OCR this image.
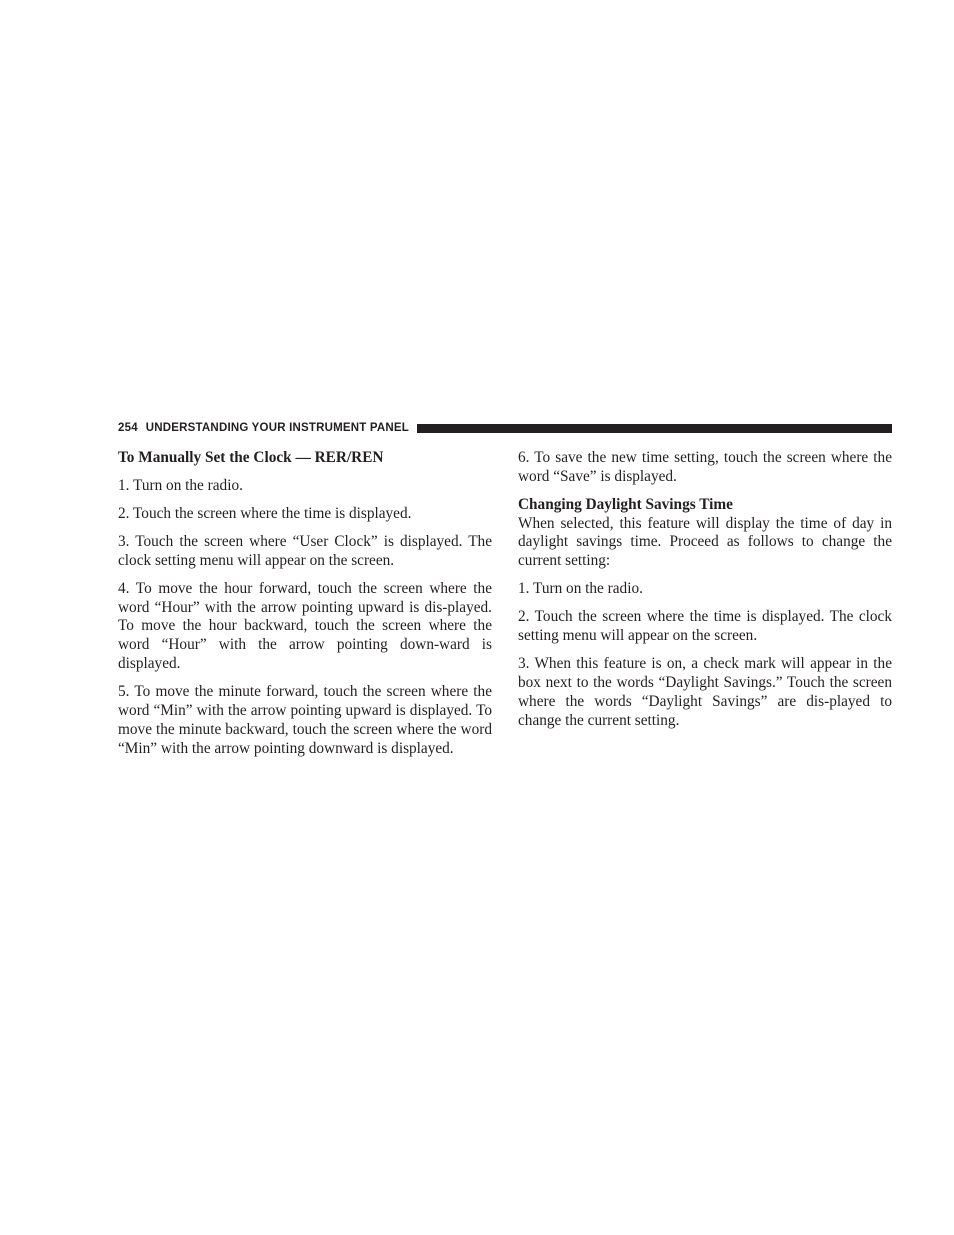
254 UNDERSTANDING YOUR INSTRUMENT PANEL

To Manually Set the Clock — RER/REN

1. Turn on the radio.

2. Touch the screen where the time is displayed.

3. Touch the screen where “User Clock” is displayed. The clock setting menu will appear on the screen.

4. To move the hour forward, touch the screen where the word “Hour” with the arrow pointing upward is dis-played. To move the hour backward, touch the screen where the word “Hour” with the arrow pointing down-ward is displayed.

5. To move the minute forward, touch the screen where the word “Min” with the arrow pointing upward is displayed. To move the minute backward, touch the screen where the word “Min” with the arrow pointing downward is displayed.

6. To save the new time setting, touch the screen where the word “Save” is displayed.

Changing Daylight Savings Time

When selected, this feature will display the time of day in daylight savings time. Proceed as follows to change the current setting:

1. Turn on the radio.

2. Touch the screen where the time is displayed. The clock setting menu will appear on the screen.

3. When this feature is on, a check mark will appear in the box next to the words “Daylight Savings.” Touch the screen where the words “Daylight Savings” are dis-played to change the current setting.
